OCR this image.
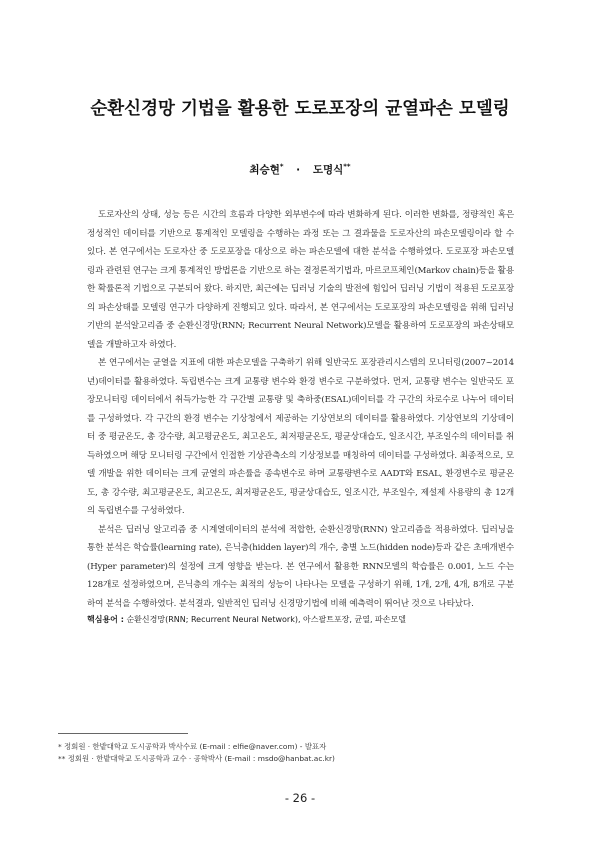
순환신경망 기법을 활용한 도로포장의 균열파손 모델링
최승현* · 도명식**

도로자산의 상태, 성능 등은 시간의 흐름과 다양한 외부변수에 따라 변화하게 된다. 이러한 변화를, 정량적인 혹은 정성적인 데이터를 기반으로 통계적인 모델링을 수행하는 과정 또는 그 결과물을 도로자산의 파손모델링이라 할 수 있다. 본 연구에서는 도로자산 중 도로포장을 대상으로 하는 파손모델에 대한 분석을 수행하였다. 도로포장 파손모델링과 관련된 연구는 크게 통계적인 방법론을 기반으로 하는 결정론적기법과, 마르코프체인(Markov chain)등을 활용한 확률론적 기법으로 구분되어 왔다. 하지만, 최근에는 딥러닝 기술의 발전에 힘입어 딥러닝 기법이 적용된 도로포장의 파손상태를 모델링 연구가 다양하게 진행되고 있다. 따라서, 본 연구에서는 도로포장의 파손모델링을 위해 딥러닝 기반의 분석알고리즘 중 순환신경망(RNN; Recurrent Neural Network)모델을 활용하여 도로포장의 파손상태모델을 개발하고자 하였다.

본 연구에서는 균열을 지표에 대한 파손모델을 구축하기 위해 일반국도 포장관리시스템의 모니터링(2007~2014년)데이터를 활용하였다. 독립변수는 크게 교통량 변수와 환경 변수로 구분하였다. 먼저, 교통량 변수는 일반국도 포장모니터링 데이터에서 취득가능한 각 구간별 교통량 및 축하중(ESAL)데이터를 각 구간의 차로수로 나누어 데이터를 구성하였다. 각 구간의 환경 변수는 기상청에서 제공하는 기상연보의 데이터를 활용하였다. 기상연보의 기상데이터 중 평균온도, 총 강수량, 최고평균온도, 최고온도, 최저평균온도, 평균상대습도, 일조시간, 부조일수의 데이터를 취득하였으며 해당 모니터링 구간에서 인접한 기상관측소의 기상정보를 매칭하여 데이터를 구성하였다. 최종적으로, 모델 개발을 위한 데이터는 크게 균열의 파손률을 종속변수로 하며 교통량변수로 AADT와 ESAL, 환경변수로 평균온도, 총 강수량, 최고평균온도, 최고온도, 최저평균온도, 평균상대습도, 일조시간, 부조일수, 제설제 사용량의 총 12개의 독립변수를 구성하였다.

분석은 딥러닝 알고리즘 중 시계열데이터의 분석에 적합한, 순환신경망(RNN) 알고리즘을 적용하였다. 딥러닝을 통한 분석은 학습률(learning rate), 은닉층(hidden layer)의 개수, 충별 노드(hidden node)등과 같은 초매개변수(Hyper parameter)의 설정에 크게 영향을 받는다. 본 연구에서 활용한 RNN모델의 학습률은 0.001, 노드 수는 128개로 설정하였으며, 은닉층의 개수는 최적의 성능이 나타나는 모델을 구성하기 위해, 1개, 2개, 4개, 8개로 구분하여 분석을 수행하였다. 분석결과, 일반적인 딥러닝 신경망기법에 비해 예측력이 뛰어난 것으로 나타났다.

핵심용어 : 순환신경망(RNN; Recurrent Neural Network), 아스팔트포장, 균열, 파손모델
* 정회원 · 한밭대학교 도시공학과 박사수료 (E-mail : elfie@naver.com) - 발표자
** 정회원 · 한밭대학교 도시공학과 교수 · 공학박사 (E-mail : msdo@hanbat.ac.kr)
- 26 -
